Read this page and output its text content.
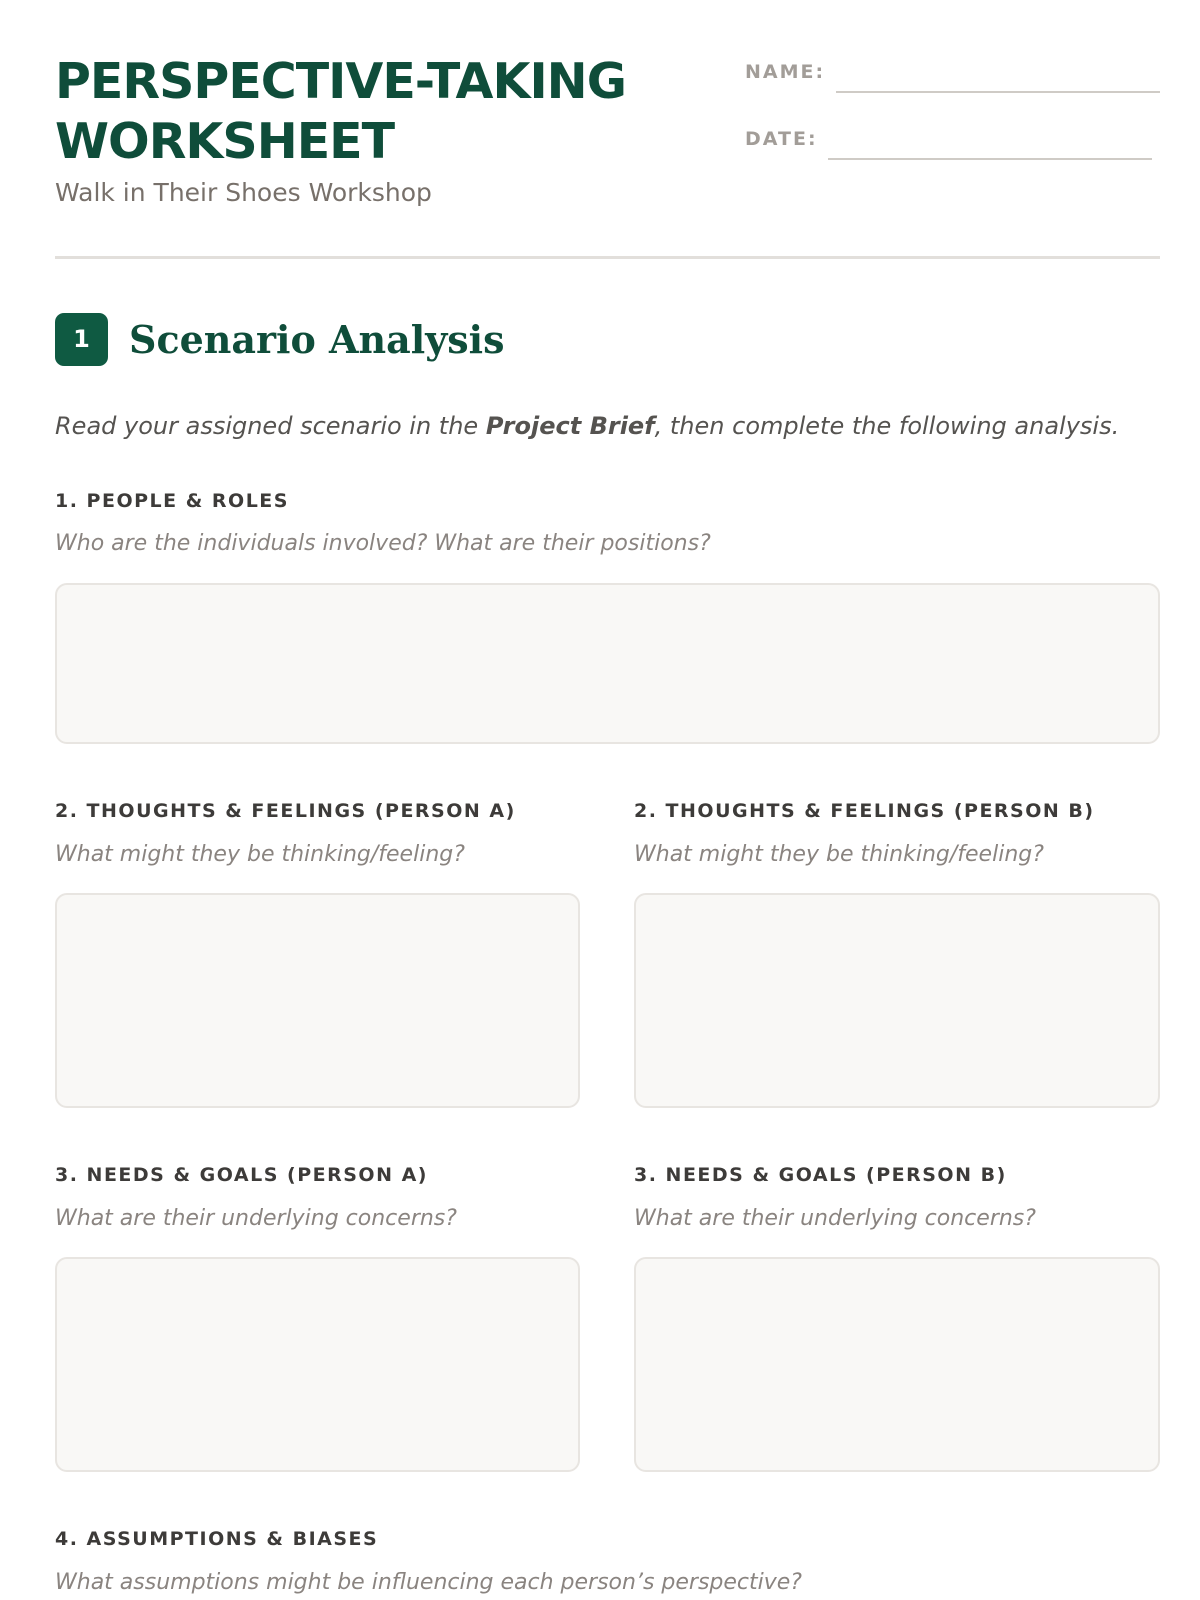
PERSPECTIVE-TAKING
WORKSHEET
Walk in Their Shoes Workshop
NAME:
DATE:
1	Scenario Analysis
Read your assigned scenario in the Project Brief, then complete the following analysis.
1. PEOPLE & ROLES
Who are the individuals involved? What are their positions?
2. THOUGHTS & FEELINGS (PERSON A)
What might they be thinking/feeling?
2. THOUGHTS & FEELINGS (PERSON B)
What might they be thinking/feeling?
3. NEEDS & GOALS (PERSON A)
What are their underlying concerns?
3. NEEDS & GOALS (PERSON B)
What are their underlying concerns?
4. ASSUMPTIONS & BIASES
What assumptions might be influencing each person’s perspective?
